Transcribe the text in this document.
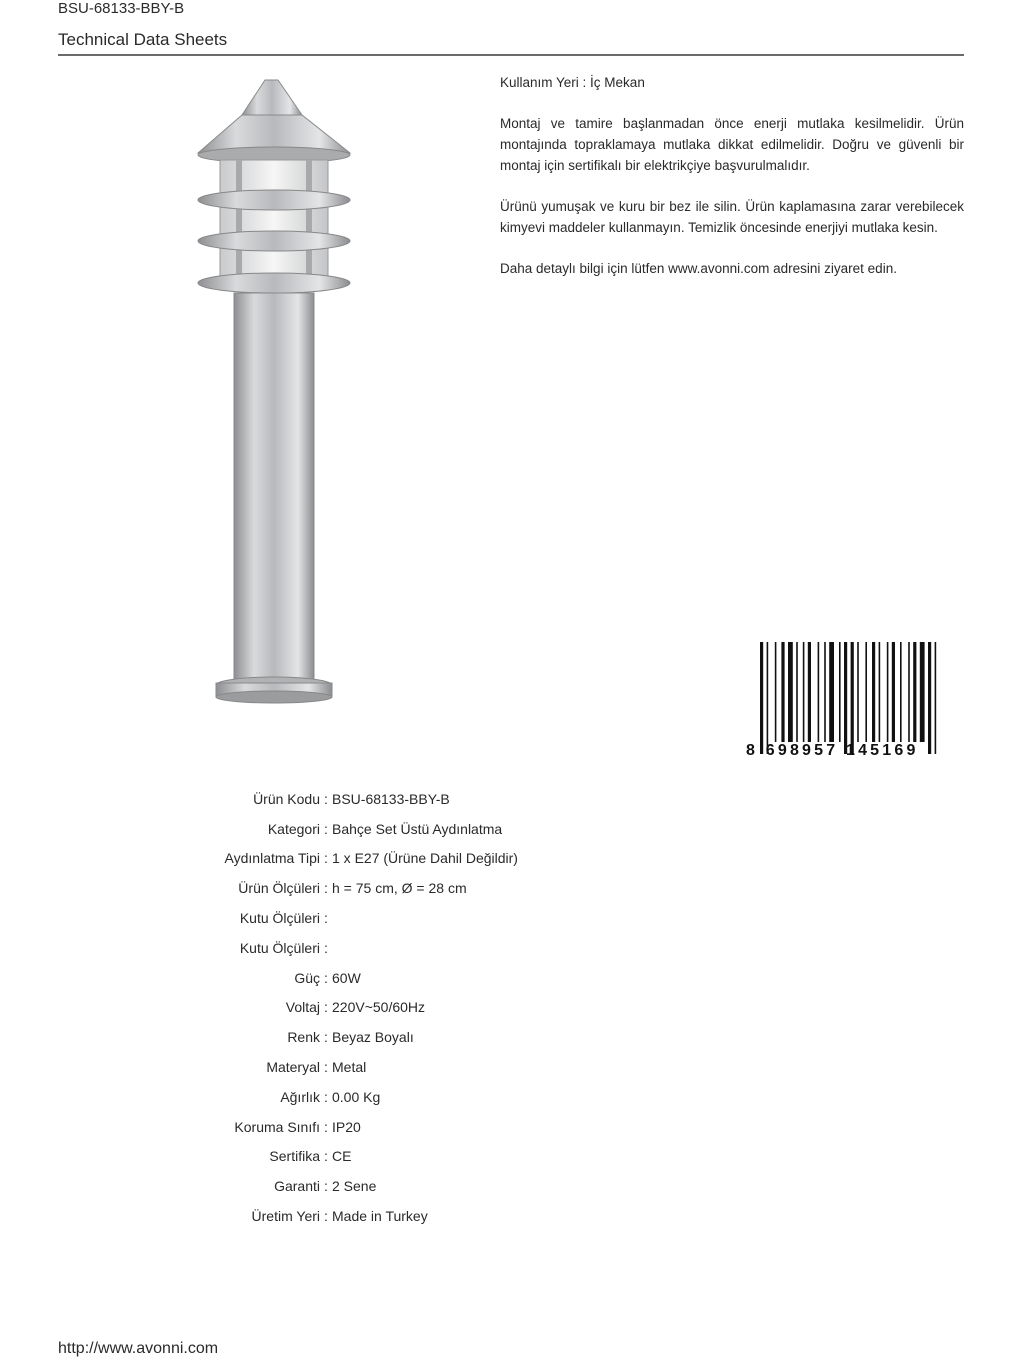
BSU-68133-BBY-B
Technical Data Sheets

Kullanım Yeri : İç Mekan

Montaj ve tamire başlanmadan önce enerji mutlaka kesilmelidir. Ürün montajında topraklamaya mutlaka dikkat edilmelidir. Doğru ve güvenli bir montaj için sertifikalı bir elektrikçiye başvurulmalıdır.

Ürünü yumuşak ve kuru bir bez ile silin. Ürün kaplamasına zarar verebilecek kimyevi maddeler kullanmayın. Temizlik öncesinde enerjiyi mutlaka kesin.

Daha detaylı bilgi için lütfen www.avonni.com adresini ziyaret edin.

8 698957 145169
Ürün Kodu : BSU-68133-BBY-B
Kategori : Bahçe Set Üstü Aydınlatma
Aydınlatma Tipi : 1 x E27 (Ürüne Dahil Değildir)
Ürün Ölçüleri : h = 75 cm, Ø = 28 cm
Kutu Ölçüleri :
Kutu Ölçüleri :
Güç : 60W
Voltaj : 220V~50/60Hz
Renk : Beyaz Boyalı
Materyal : Metal
Ağırlık : 0.00 Kg
Koruma Sınıfı : IP20
Sertifika : CE
Garanti : 2 Sene
Üretim Yeri : Made in Turkey
http://www.avonni.com
